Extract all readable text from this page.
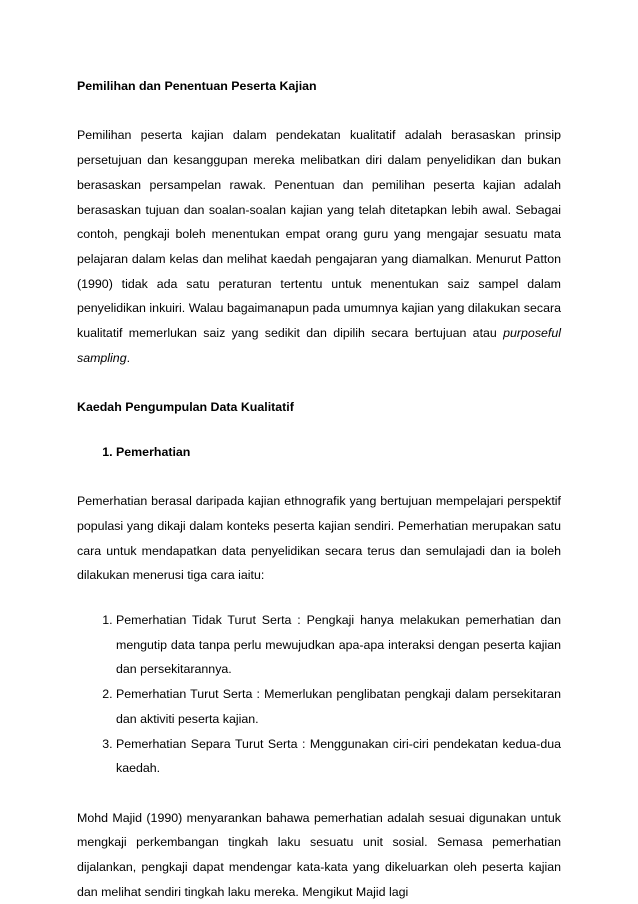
Pemilihan dan Penentuan Peserta Kajian

Pemilihan peserta kajian dalam pendekatan kualitatif adalah berasaskan prinsip persetujuan dan kesanggupan mereka melibatkan diri dalam penyelidikan dan bukan berasaskan persampelan rawak. Penentuan dan pemilihan peserta kajian adalah berasaskan tujuan dan soalan-soalan kajian yang telah ditetapkan lebih awal. Sebagai contoh, pengkaji boleh menentukan empat orang guru yang mengajar sesuatu mata pelajaran dalam kelas dan melihat kaedah pengajaran yang diamalkan. Menurut Patton (1990) tidak ada satu peraturan tertentu untuk menentukan saiz sampel dalam penyelidikan inkuiri. Walau bagaimanapun pada umumnya kajian yang dilakukan secara kualitatif memerlukan saiz yang sedikit dan dipilih secara bertujuan atau purposeful sampling.

Kaedah Pengumpulan Data Kualitatif
1. Pemerhatian

Pemerhatian berasal daripada kajian ethnografik yang bertujuan mempelajari perspektif populasi yang dikaji dalam konteks peserta kajian sendiri. Pemerhatian merupakan satu cara untuk mendapatkan data penyelidikan secara terus dan semulajadi dan ia boleh dilakukan menerusi tiga cara iaitu:

1. Pemerhatian Tidak Turut Serta : Pengkaji hanya melakukan pemerhatian dan mengutip data tanpa perlu mewujudkan apa-apa interaksi dengan peserta kajian dan persekitarannya.
2. Pemerhatian Turut Serta : Memerlukan penglibatan pengkaji dalam persekitaran dan aktiviti peserta kajian.
3. Pemerhatian Separa Turut Serta : Menggunakan ciri-ciri pendekatan kedua-dua kaedah.

Mohd Majid (1990) menyarankan bahawa pemerhatian adalah sesuai digunakan untuk mengkaji perkembangan tingkah laku sesuatu unit sosial. Semasa pemerhatian dijalankan, pengkaji dapat mendengar kata-kata yang dikeluarkan oleh peserta kajian dan melihat sendiri tingkah laku mereka. Mengikut Majid lagi
